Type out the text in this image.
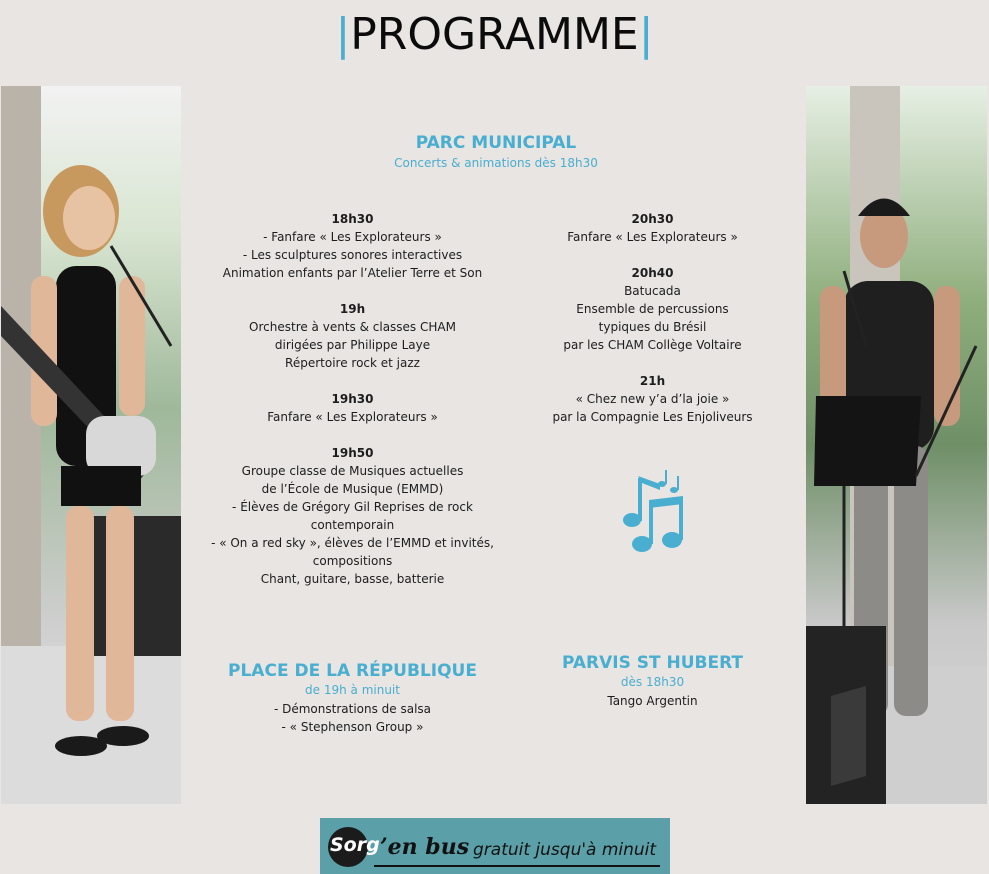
|PROGRAMME|
PARC MUNICIPAL
Concerts & animations dès 18h30
18h30
- Fanfare « Les Explorateurs »
- Les sculptures sonores interactives
Animation enfants par l’Atelier Terre et Son
19h
Orchestre à vents & classes CHAM
dirigées par Philippe Laye
Répertoire rock et jazz
19h30
Fanfare « Les Explorateurs »
19h50
Groupe classe de Musiques actuelles
de l’École de Musique (EMMD)
- Élèves de Grégory Gil Reprises de rock
contemporain
- « On a red sky », élèves de l’EMMD et invités,
compositions
Chant, guitare, basse, batterie
20h30
Fanfare « Les Explorateurs »
20h40
Batucada
Ensemble de percussions
typiques du Brésil
par les CHAM Collège Voltaire
21h
« Chez new y’a d’la joie »
par la Compagnie Les Enjoliveurs
PLACE DE LA RÉPUBLIQUE
de 19h à minuit
- Démonstrations de salsa
- « Stephenson Group »
PARVIS ST HUBERT
dès 18h30
Tango Argentin
Sorg ’en bus gratuit jusqu'à minuit
